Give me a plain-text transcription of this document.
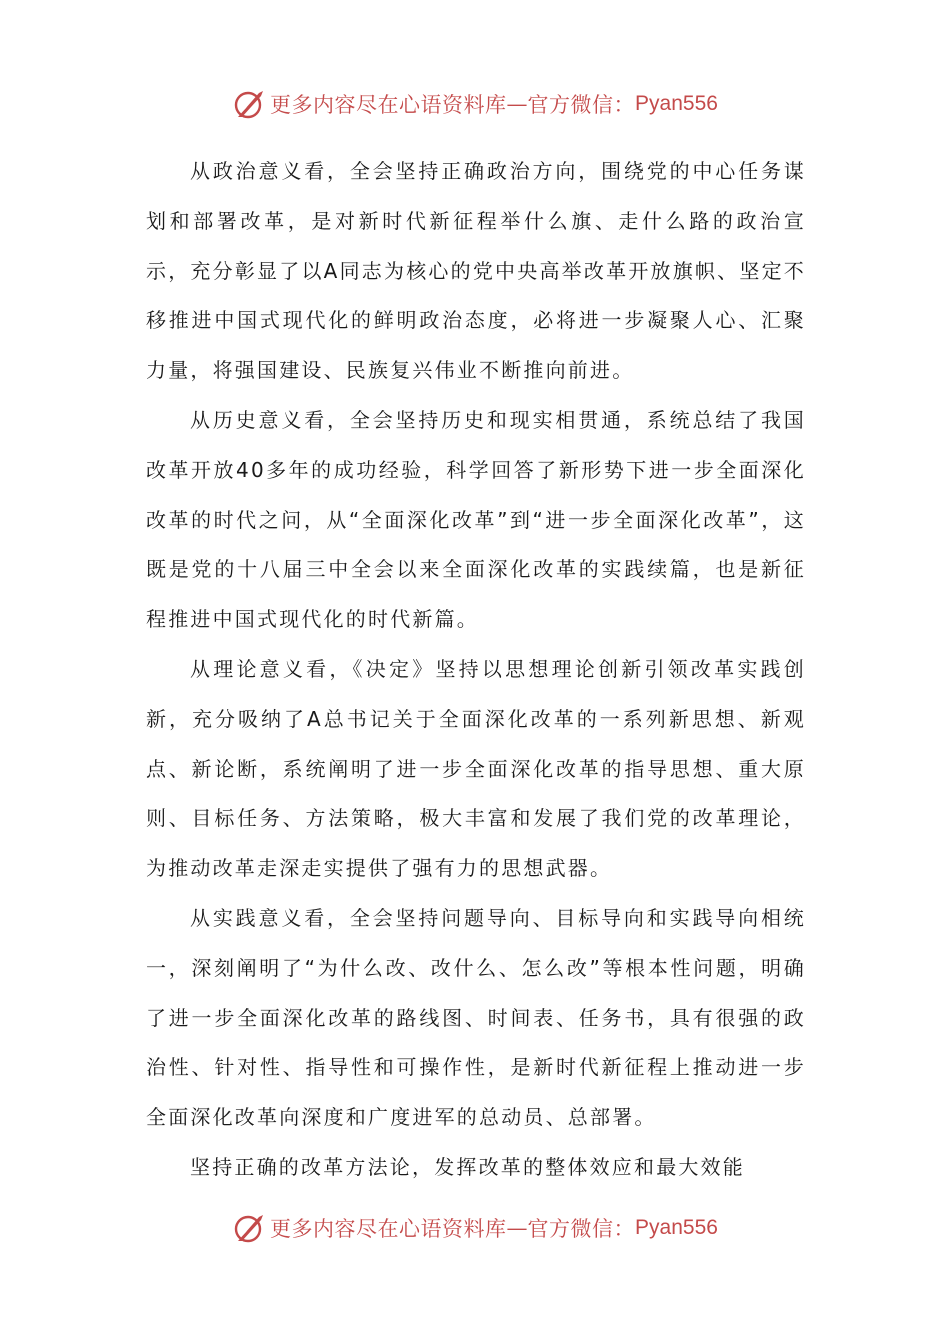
更多内容尽在心语资料库 — 官方微信： Pyan556

从政治意义看，全会坚持正确政治方向，围绕党的中心任务谋划和部署改革，是对新时代新征程举什么旗、走什么路的政治宣示，充分彰显了以A同志为核心的党中央高举改革开放旗帜、坚定不移推进中国式现代化的鲜明政治态度，必将进一步凝聚人心、汇聚力量，将强国建设、民族复兴伟业不断推向前进。

从历史意义看，全会坚持历史和现实相贯通，系统总结了我国改革开放40多年的成功经验，科学回答了新形势下进一步全面深化改革的时代之问，从“全面深化改革”到“进一步全面深化改革”，这既是党的十八届三中全会以来全面深化改革的实践续篇，也是新征程推进中国式现代化的时代新篇。

从理论意义看，《决定》坚持以思想理论创新引领改革实践创新，充分吸纳了A总书记关于全面深化改革的一系列新思想、新观点、新论断，系统阐明了进一步全面深化改革的指导思想、重大原则、目标任务、方法策略，极大丰富和发展了我们党的改革理论，为推动改革走深走实提供了强有力的思想武器。

从实践意义看，全会坚持问题导向、目标导向和实践导向相统一，深刻阐明了“为什么改、改什么、怎么改”等根本性问题，明确了进一步全面深化改革的路线图、时间表、任务书，具有很强的政治性、针对性、指导性和可操作性，是新时代新征程上推动进一步全面深化改革向深度和广度进军的总动员、总部署。

坚持正确的改革方法论，发挥改革的整体效应和最大效能

更多内容尽在心语资料库 — 官方微信： Pyan556
